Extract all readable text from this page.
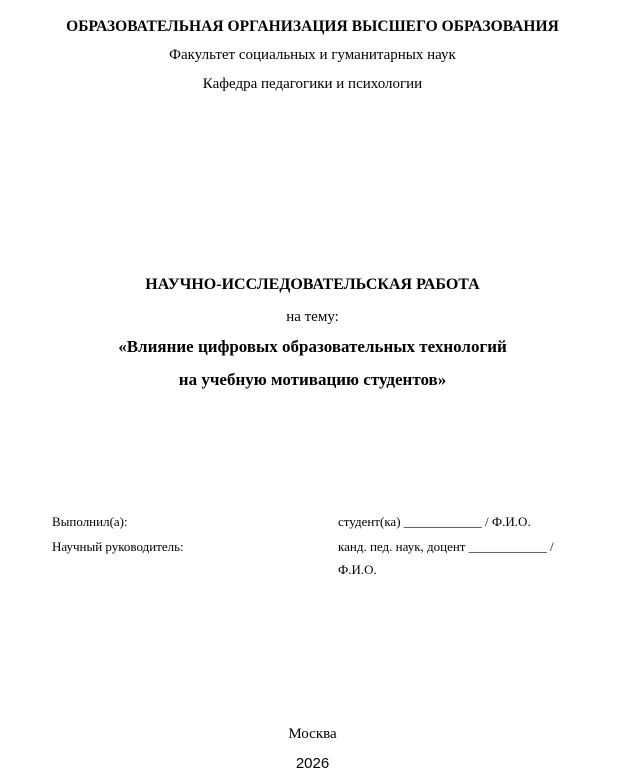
ОБРАЗОВАТЕЛЬНАЯ ОРГАНИЗАЦИЯ ВЫСШЕГО ОБРАЗОВАНИЯ
Факультет социальных и гуманитарных наук
Кафедра педагогики и психологии
НАУЧНО-ИССЛЕДОВАТЕЛЬСКАЯ РАБОТА
на тему:
«Влияние цифровых образовательных технологий
на учебную мотивацию студентов»
Выполнил(а):	студент(ка) ____________ / Ф.И.О.
Научный руководитель:	канд. пед. наук, доцент ____________ /
Ф.И.О.
Москва
2026
